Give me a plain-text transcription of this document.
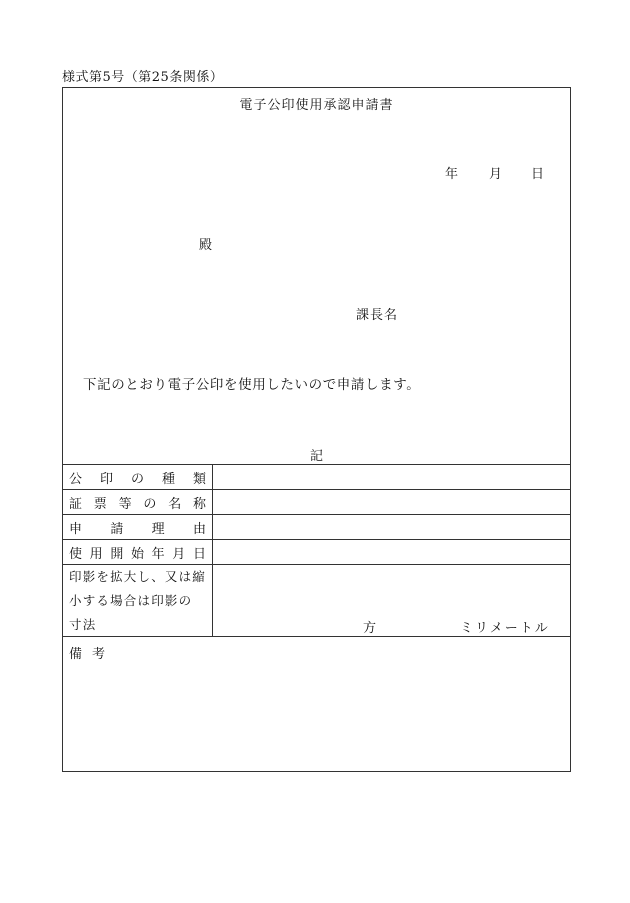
様式第5号（第25条関係）
電子公印使用承認申請書
年 月 日
殿
課長名
下記のとおり電子公印を使用したいので申請します。
記
公 印 の 種 類
証 票 等 の 名 称
申 請 理 由
使 用 開 始 年 月 日
印影を拡大し、又は縮
小する場合は印影の
寸法	方	ミリメートル
備考
